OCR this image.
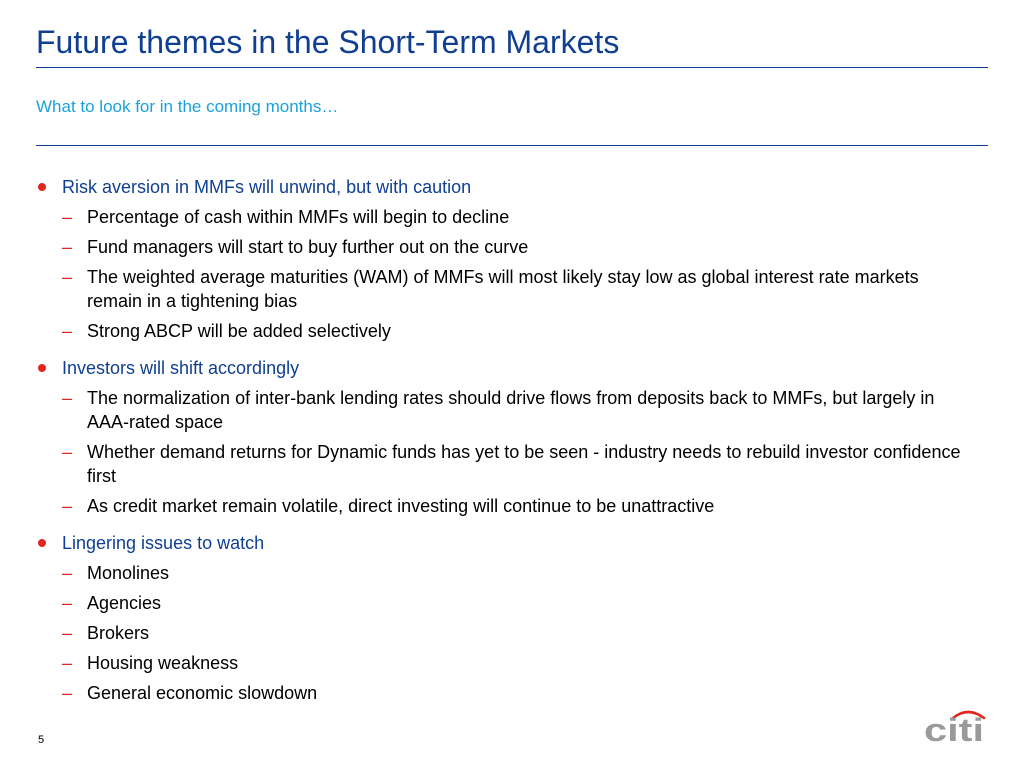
Future themes in the Short-Term Markets

What to look for in the coming months…

Risk aversion in MMFs will unwind, but with caution
– Percentage of cash within MMFs will begin to decline
– Fund managers will start to buy further out on the curve
– The weighted average maturities (WAM) of MMFs will most likely stay low as global interest rate markets remain in a tightening bias
– Strong ABCP will be added selectively
Investors will shift accordingly
– The normalization of inter-bank lending rates should drive flows from deposits back to MMFs, but largely in AAA-rated space
– Whether demand returns for Dynamic funds has yet to be seen - industry needs to rebuild investor confidence first
– As credit market remain volatile, direct investing will continue to be unattractive
Lingering issues to watch
– Monolines
– Agencies
– Brokers
– Housing weakness
– General economic slowdown
5	citi
